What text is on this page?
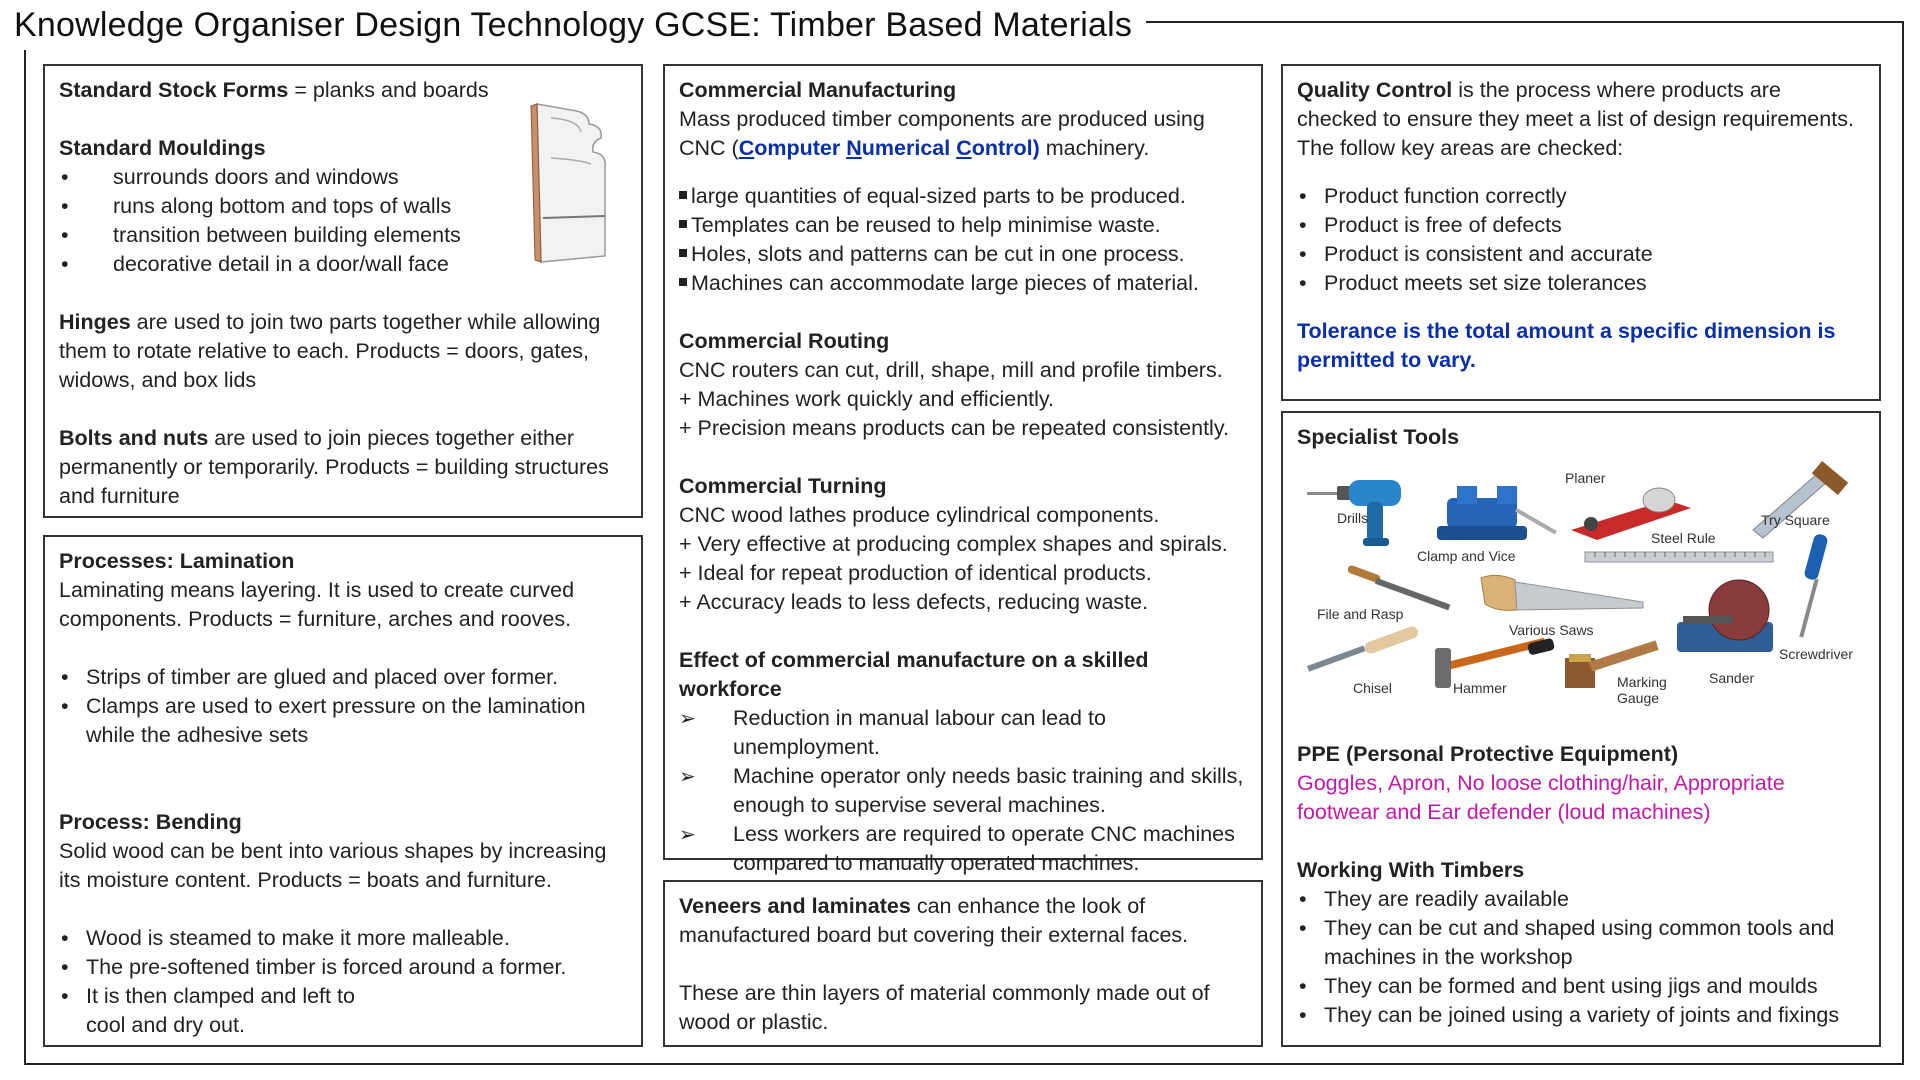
Knowledge Organiser Design Technology GCSE: Timber Based Materials

Standard Stock Forms = planks and boards

Standard Mouldings

• surrounds doors and windows
• runs along bottom and tops of walls
• transition between building elements
• decorative detail in a door/wall face

Hinges are used to join two parts together while allowing them to rotate relative to each. Products = doors, gates, widows, and box lids

Bolts and nuts are used to join pieces together either permanently or temporarily. Products = building structures and furniture

Processes: Lamination

Laminating means layering. It is used to create curved components. Products = furniture, arches and rooves.

• Strips of timber are glued and placed over former.
• Clamps are used to exert pressure on the lamination while the adhesive sets

Process: Bending

Solid wood can be bent into various shapes by increasing its moisture content. Products = boats and furniture.

• Wood is steamed to make it more malleable.
• The pre-softened timber is forced around a former.
• It is then clamped and left to cool and dry out.

Commercial Manufacturing

Mass produced timber components are produced using CNC (Computer Numerical Control) machinery.

large quantities of equal-sized parts to be produced.
Templates can be reused to help minimise waste.
Holes, slots and patterns can be cut in one process.
Machines can accommodate large pieces of material.

Commercial Routing

CNC routers can cut, drill, shape, mill and profile timbers.

+ Machines work quickly and efficiently.

+ Precision means products can be repeated consistently.

Commercial Turning

CNC wood lathes produce cylindrical components.

+ Very effective at producing complex shapes and spirals.

+ Ideal for repeat production of identical products.

+ Accuracy leads to less defects, reducing waste.

Effect of commercial manufacture on a skilled workforce

➢ Reduction in manual labour can lead to unemployment.
➢ Machine operator only needs basic training and skills, enough to supervise several machines.
➢ Less workers are required to operate CNC machines compared to manually operated machines.

Veneers and laminates can enhance the look of manufactured board but covering their external faces.

These are thin layers of material commonly made out of wood or plastic.

Quality Control is the process where products are checked to ensure they meet a list of design requirements. The follow key areas are checked:

• Product function correctly
• Product is free of defects
• Product is consistent and accurate
• Product meets set size tolerances

Tolerance is the total amount a specific dimension is permitted to vary.

Specialist Tools

Drills
Clamp and Vice
Planer
Try Square
Steel Rule
File and Rasp
Various Saws
Screwdriver
Sander
Chisel	Hammer	Marking Gauge

PPE (Personal Protective Equipment)

Goggles, Apron, No loose clothing/hair, Appropriate footwear and Ear defender (loud machines)

Working With Timbers

• They are readily available
• They can be cut and shaped using common tools and machines in the workshop
• They can be formed and bent using jigs and moulds
• They can be joined using a variety of joints and fixings
